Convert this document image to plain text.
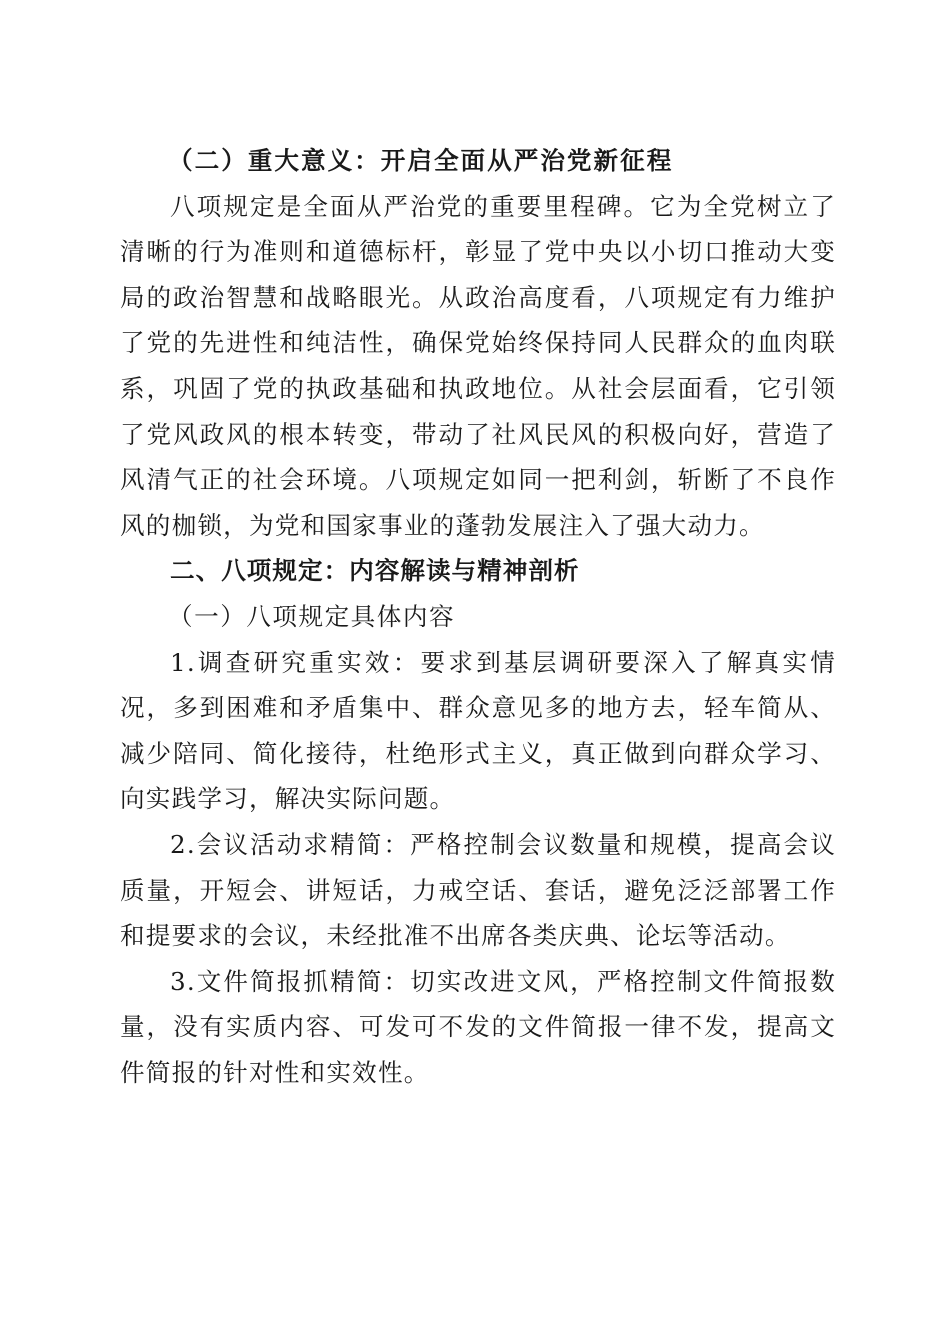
（二）重大意义：开启全面从严治党新征程

八项规定是全面从严治党的重要里程碑。它为全党树立了清晰的行为准则和道德标杆，彰显了党中央以小切口推动大变局的政治智慧和战略眼光。从政治高度看，八项规定有力维护了党的先进性和纯洁性，确保党始终保持同人民群众的血肉联系，巩固了党的执政基础和执政地位。从社会层面看，它引领了党风政风的根本转变，带动了社风民风的积极向好，营造了风清气正的社会环境。八项规定如同一把利剑，斩断了不良作风的枷锁，为党和国家事业的蓬勃发展注入了强大动力。

二、八项规定：内容解读与精神剖析

（一）八项规定具体内容

1.调查研究重实效：要求到基层调研要深入了解真实情况，多到困难和矛盾集中、群众意见多的地方去，轻车简从、减少陪同、简化接待，杜绝形式主义，真正做到向群众学习、向实践学习，解决实际问题。

2.会议活动求精简：严格控制会议数量和规模，提高会议质量，开短会、讲短话，力戒空话、套话，避免泛泛部署工作和提要求的会议，未经批准不出席各类庆典、论坛等活动。

3.文件简报抓精简：切实改进文风，严格控制文件简报数量，没有实质内容、可发可不发的文件简报一律不发，提高文件简报的针对性和实效性。
